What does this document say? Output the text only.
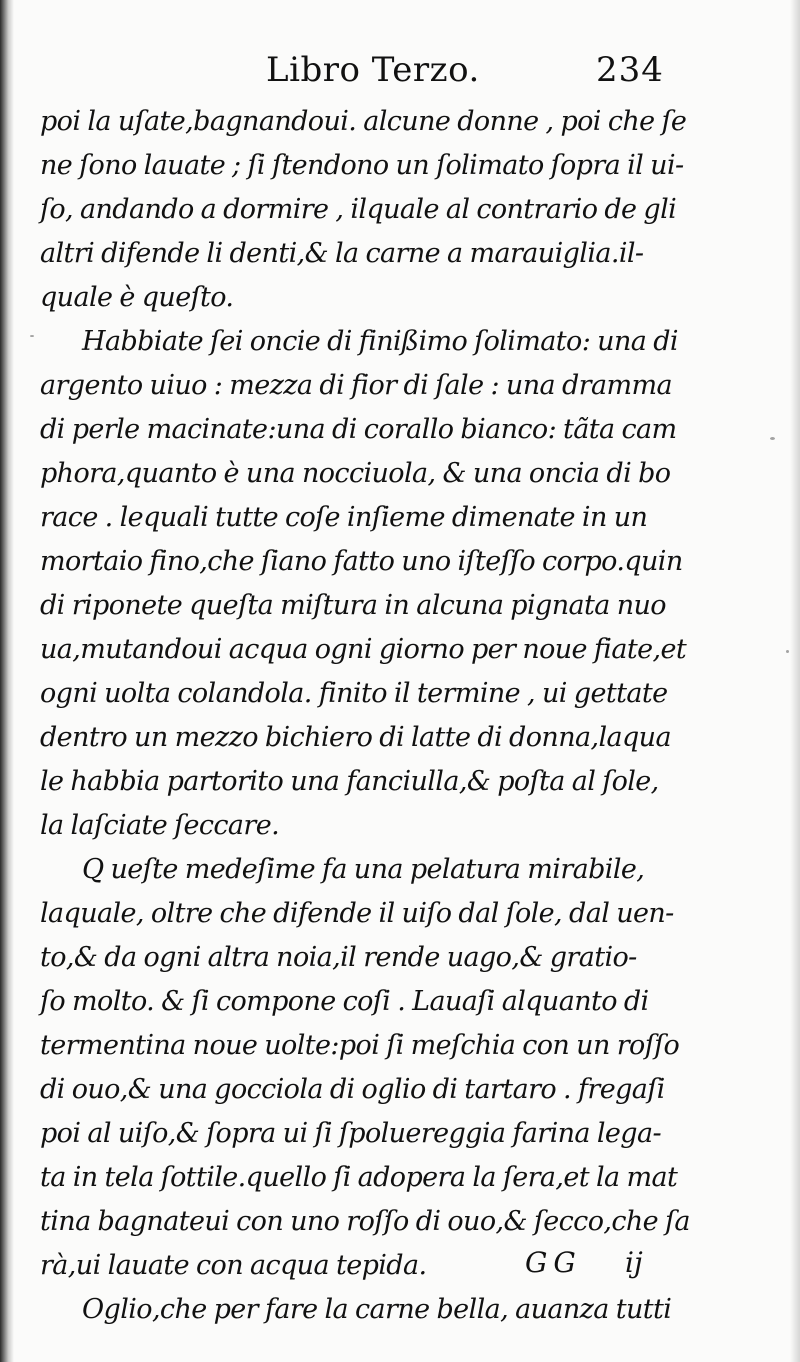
Libro Terzo.	234
poi la uſate,bagnandoui. alcune donne , poi che ſe
ne ſono lauate ; ſi ſtendono un ſolimato ſopra il ui-
ſo, andando a dormire , ilquale al contrario de gli
altri difende li denti,& la carne a marauiglia.il-
quale è queſto.
Habbiate ſei oncie di finißimo ſolimato: una di
argento uiuo : mezza di fior di ſale : una dramma
di perle macinate:una di corallo bianco: tãta cam
phora,quanto è una nocciuola, & una oncia di bo
race . lequali tutte coſe inſieme dimenate in un
mortaio fino,che ſiano fatto uno iſteſſo corpo.quin
di riponete queſta miſtura in alcuna pignata nuo
ua,mutandoui acqua ogni giorno per noue fiate,et
ogni uolta colandola. finito il termine , ui gettate
dentro un mezzo bichiero di latte di donna,laqua
le habbia partorito una fanciulla,& poſta al ſole,
la laſciate ſeccare.
Q ueſte medeſime fa una pelatura mirabile,
laquale, oltre che difende il uiſo dal ſole, dal uen-
to,& da ogni altra noia,il rende uago,& gratio-
ſo molto. & ſi compone coſi . Lauaſi alquanto di
termentina noue uolte:poi ſi meſchia con un roſſo
di ouo,& una gocciola di oglio di tartaro . fregaſi
poi al uiſo,& ſopra ui ſi ſpoluereggia farina lega-
ta in tela ſottile.quello ſi adopera la ſera,et la mat
tina bagnateui con uno roſſo di ouo,& ſecco,che ſa
rà,ui lauate con acqua tepida.
Oglio,che per fare la carne bella, auanza tutti
GG ij
